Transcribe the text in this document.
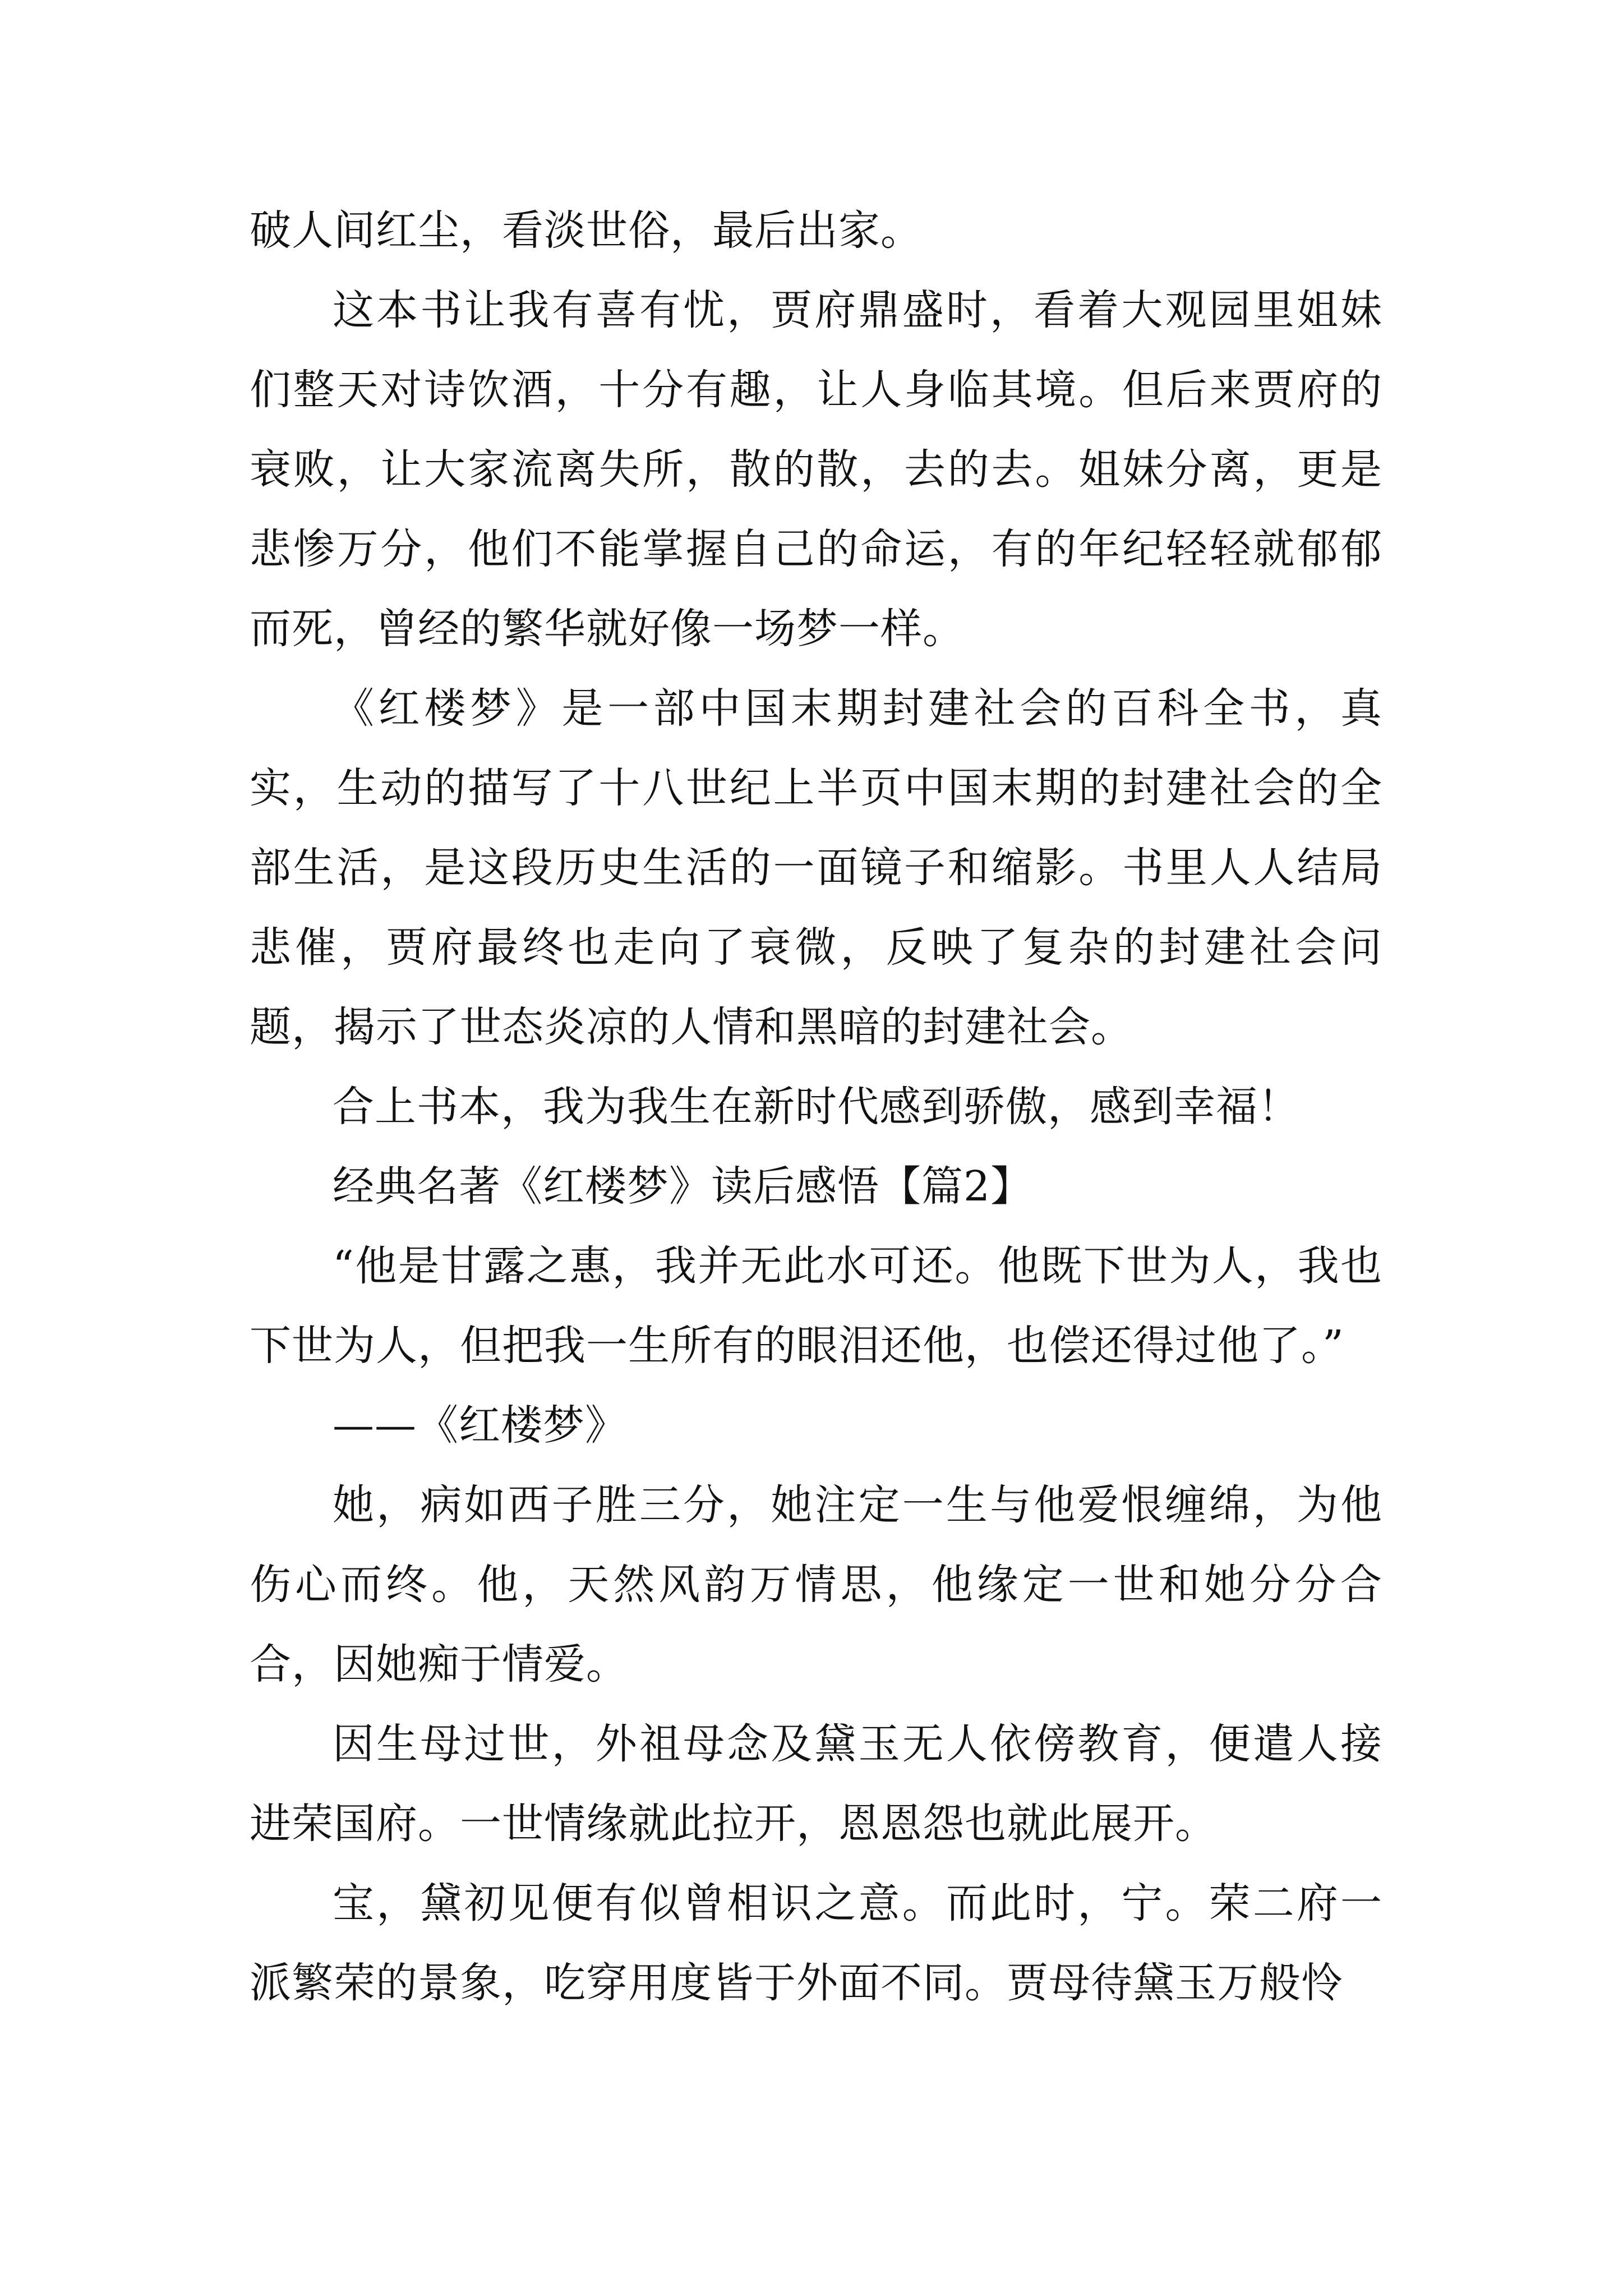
破人间红尘，看淡世俗，最后出家。

这本书让我有喜有忧，贾府鼎盛时，看着大观园里姐妹们整天对诗饮酒，十分有趣，让人身临其境。但后来贾府的衰败，让大家流离失所，散的散，去的去。姐妹分离，更是悲惨万分，他们不能掌握自己的命运，有的年纪轻轻就郁郁而死，曾经的繁华就好像一场梦一样。

《红楼梦》是一部中国末期封建社会的百科全书，真实，生动的描写了十八世纪上半页中国末期的封建社会的全部生活，是这段历史生活的一面镜子和缩影。书里人人结局悲催，贾府最终也走向了衰微，反映了复杂的封建社会问题，揭示了世态炎凉的人情和黑暗的封建社会。

合上书本，我为我生在新时代感到骄傲，感到幸福！

经典名著《红楼梦》读后感悟【篇2】

“他是甘露之惠，我并无此水可还。他既下世为人，我也下世为人，但把我一生所有的眼泪还他，也偿还得过他了。”

——《红楼梦》

她，病如西子胜三分，她注定一生与他爱恨缠绵，为他伤心而终。他，天然风韵万情思，他缘定一世和她分分合合，因她痴于情爱。

因生母过世，外祖母念及黛玉无人依傍教育，便遣人接进荣国府。一世情缘就此拉开，恩恩怨也就此展开。

宝，黛初见便有似曾相识之意。而此时，宁。荣二府一派繁荣的景象，吃穿用度皆于外面不同。贾母待黛玉万般怜
